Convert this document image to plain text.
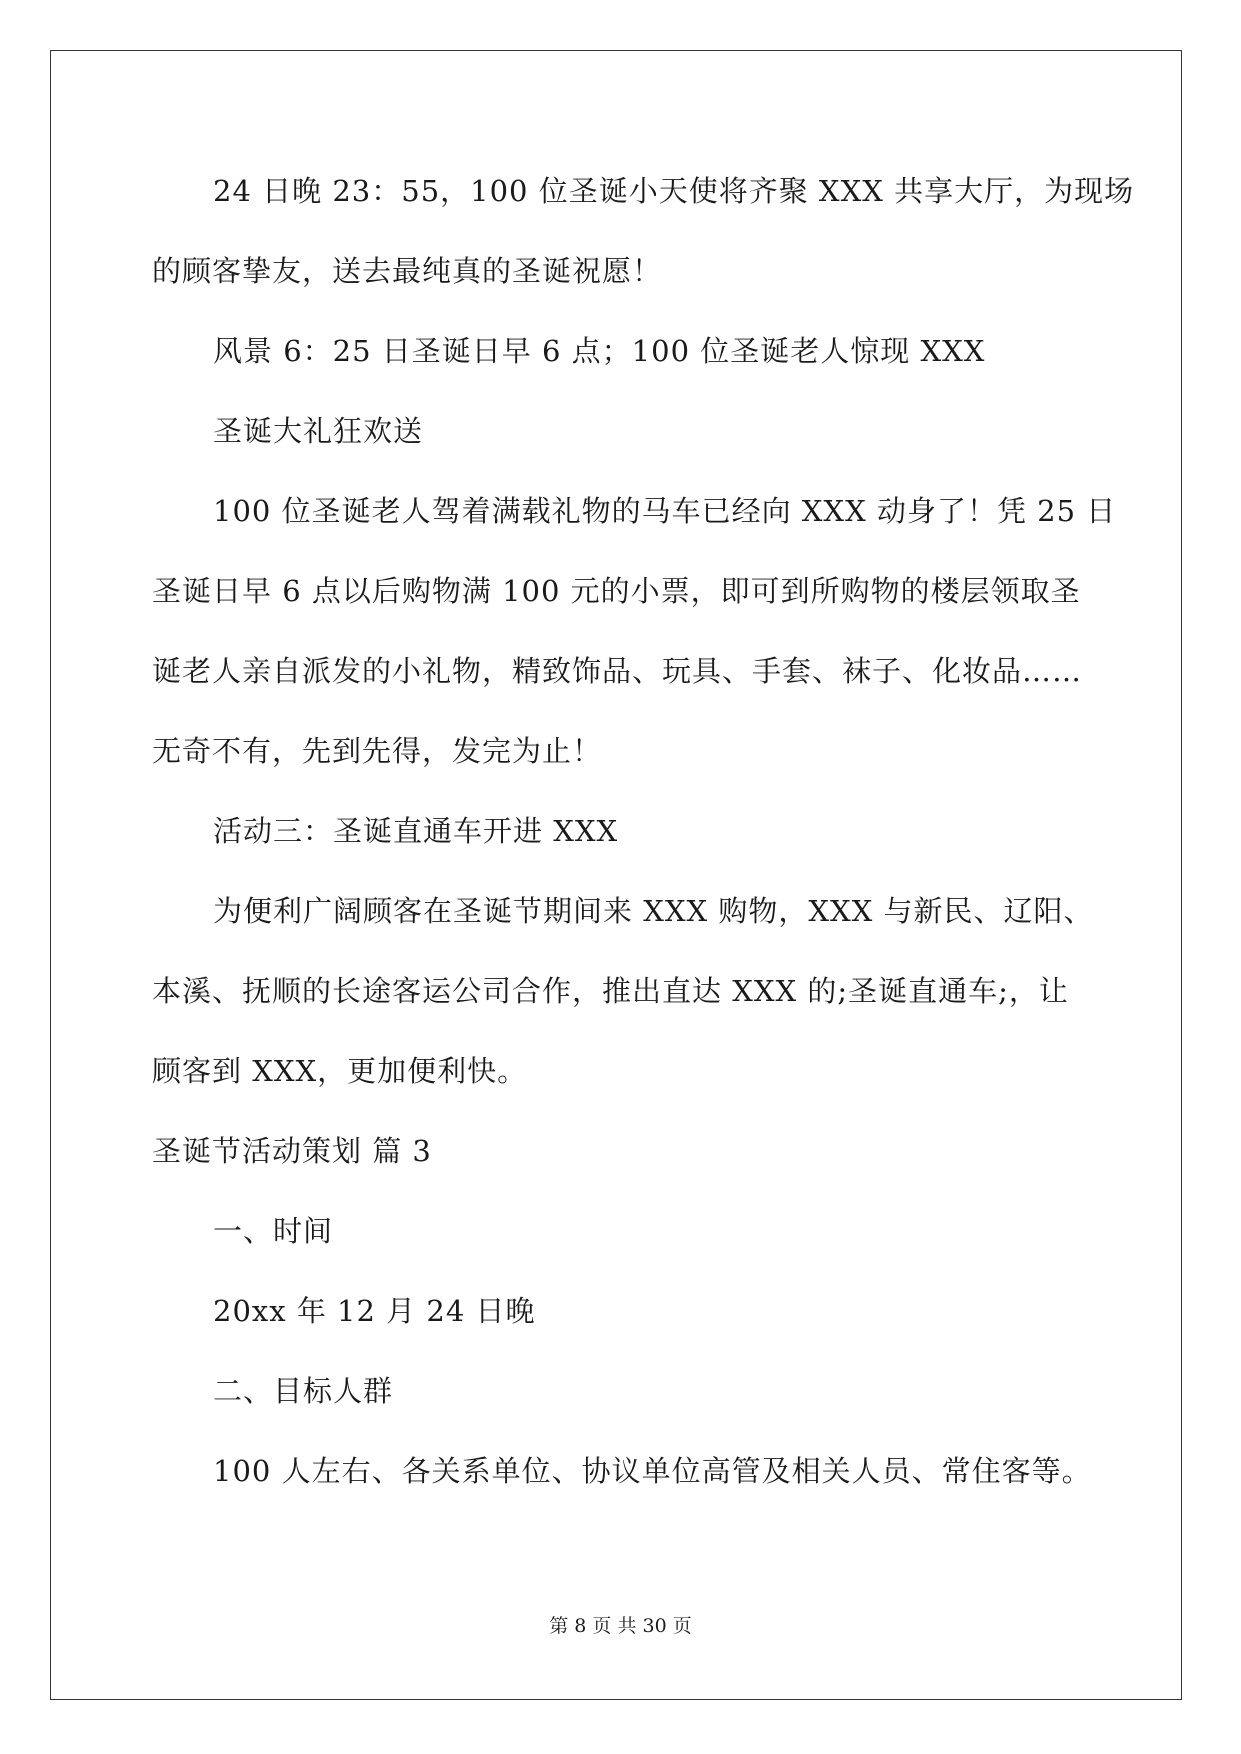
24 日晚 23：55，100 位圣诞小天使将齐聚 XXX 共享大厅，为现场
的顾客挚友，送去最纯真的圣诞祝愿！
风景 6：25 日圣诞日早 6 点；100 位圣诞老人惊现 XXX
圣诞大礼狂欢送
100 位圣诞老人驾着满载礼物的马车已经向 XXX 动身了！凭 25 日
圣诞日早 6 点以后购物满 100 元的小票，即可到所购物的楼层领取圣
诞老人亲自派发的小礼物，精致饰品、玩具、手套、袜子、化妆品……
无奇不有，先到先得，发完为止！
活动三：圣诞直通车开进 XXX
为便利广阔顾客在圣诞节期间来 XXX 购物，XXX 与新民、辽阳、
本溪、抚顺的长途客运公司合作，推出直达 XXX 的;圣诞直通车;，让
顾客到 XXX，更加便利快。
圣诞节活动策划 篇 3
一、时间
20xx 年 12 月 24 日晚
二、目标人群
100 人左右、各关系单位、协议单位高管及相关人员、常住客等。
第 8 页 共 30 页
